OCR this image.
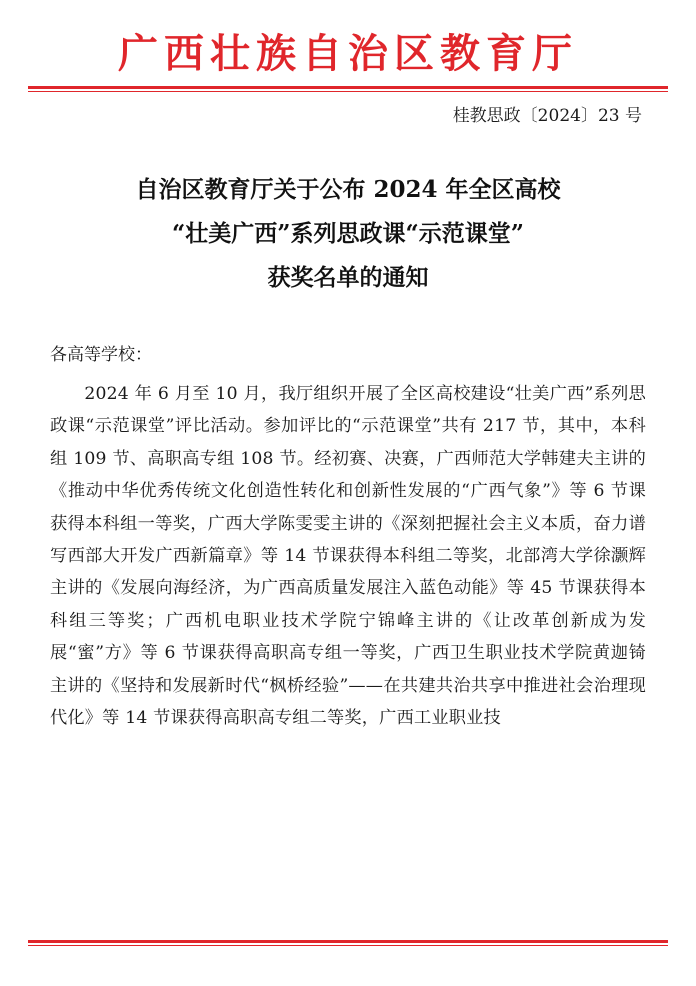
广西壮族自治区教育厅
桂教思政〔2024〕23 号
自治区教育厅关于公布 2024 年全区高校
“壮美广西”系列思政课“示范课堂”
获奖名单的通知
各高等学校：
2024 年 6 月至 10 月，我厅组织开展了全区高校建设“壮美广西”系列思政课“示范课堂”评比活动。参加评比的“示范课堂”共有 217 节，其中，本科组 109 节、高职高专组 108 节。经初赛、决赛，广西师范大学韩建夫主讲的《推动中华优秀传统文化创造性转化和创新性发展的“广西气象”》等 6 节课获得本科组一等奖，广西大学陈雯雯主讲的《深刻把握社会主义本质，奋力谱写西部大开发广西新篇章》等 14 节课获得本科组二等奖，北部湾大学徐灏辉主讲的《发展向海经济，为广西高质量发展注入蓝色动能》等 45 节课获得本科组三等奖；广西机电职业技术学院宁锦峰主讲的《让改革创新成为发展“蜜”方》等 6 节课获得高职高专组一等奖，广西卫生职业技术学院黄迦锜主讲的《坚持和发展新时代“枫桥经验”——在共建共治共享中推进社会治理现代化》等 14 节课获得高职高专组二等奖，广西工业职业技
